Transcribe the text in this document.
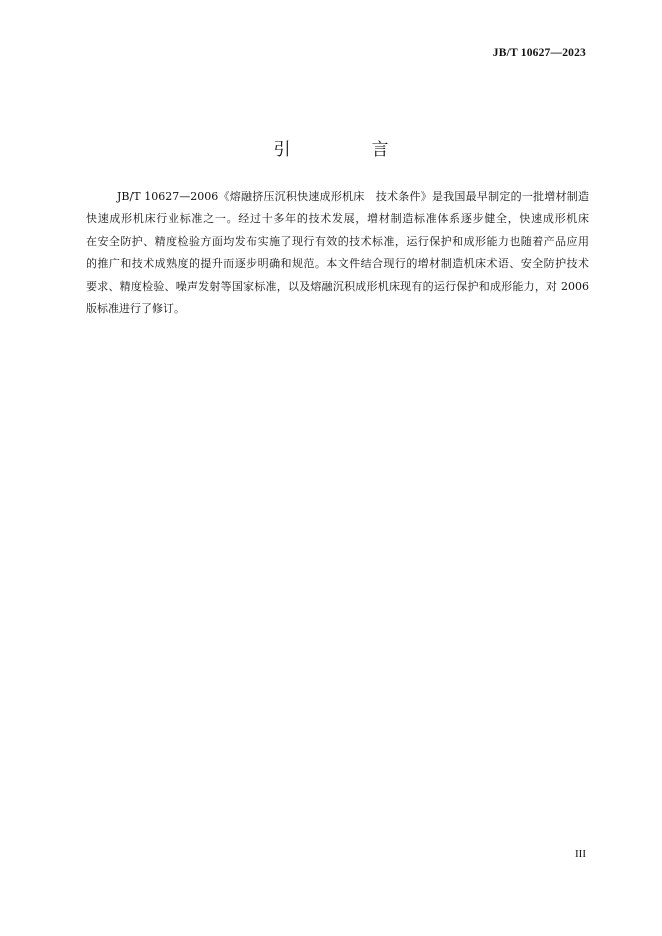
JB/T 10627—2023
引　言
JB/T 10627—2006《熔融挤压沉积快速成形机床　技术条件》是我国最早制定的一批增材制造
快速成形机床行业标准之一。经过十多年的技术发展，增材制造标准体系逐步健全，快速成形机床
在安全防护、精度检验方面均发布实施了现行有效的技术标准，运行保护和成形能力也随着产品应用
的推广和技术成熟度的提升而逐步明确和规范。本文件结合现行的增材制造机床术语、安全防护技术
要求、精度检验、噪声发射等国家标准，以及熔融沉积成形机床现有的运行保护和成形能力，对 2006
版标准进行了修订。
III
